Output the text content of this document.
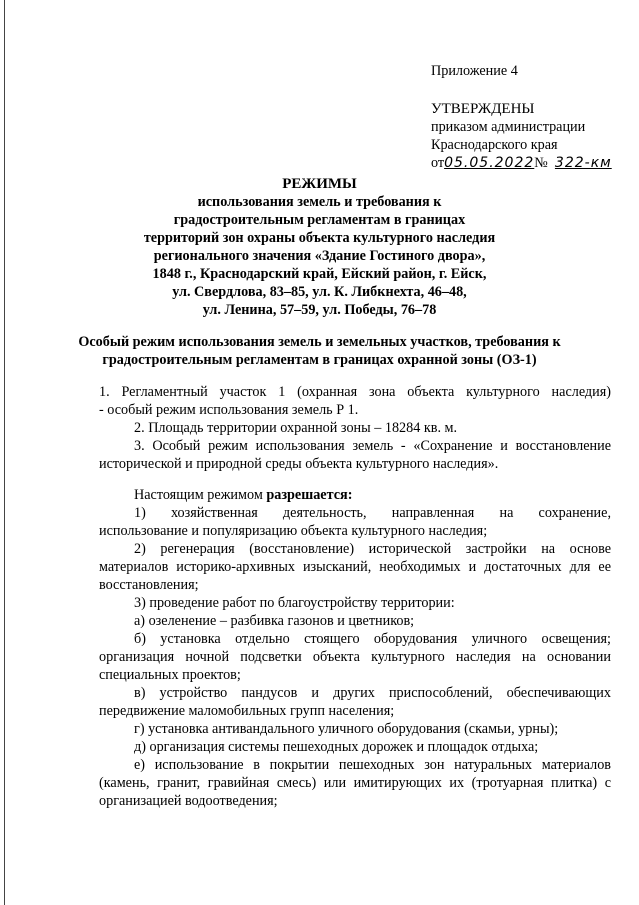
Приложение 4

УТВЕРЖДЕНЫ

приказом администрации

Краснодарского края

от05.05.2022№ 322-км

РЕЖИМЫ

использования земель и требования к

градостроительным регламентам в границах

территорий зон охраны объекта культурного наследия

регионального значения «Здание Гостиного двора»,

1848 г., Краснодарский край, Ейский район, г. Ейск,

ул. Свердлова, 83–85, ул. К. Либкнехта, 46–48,

ул. Ленина, 57–59, ул. Победы, 76–78

Особый режим использования земель и земельных участков, требования к

градостроительным регламентам в границах охранной зоны (ОЗ-1)

1. Регламентный участок 1 (охранная зона объекта культурного наследия)

- особый режим использования земель Р 1.

2. Площадь территории охранной зоны – 18284 кв. м.

3. Особый режим использования земель - «Сохранение и восстановление

исторической и природной среды объекта культурного наследия».

Настоящим режимом разрешается:

1) хозяйственная деятельность, направленная на сохранение,

использование и популяризацию объекта культурного наследия;

2) регенерация (восстановление) исторической застройки на основе

материалов историко-архивных изысканий, необходимых и достаточных для ее

восстановления;

3) проведение работ по благоустройству территории:

а) озеленение – разбивка газонов и цветников;

б) установка отдельно стоящего оборудования уличного освещения;

организация ночной подсветки объекта культурного наследия на основании

специальных проектов;

в) устройство пандусов и других приспособлений, обеспечивающих

передвижение маломобильных групп населения;

г) установка антивандального уличного оборудования (скамьи, урны);

д) организация системы пешеходных дорожек и площадок отдыха;

е) использование в покрытии пешеходных зон натуральных материалов

(камень, гранит, гравийная смесь) или имитирующих их (тротуарная плитка) с

организацией водоотведения;
